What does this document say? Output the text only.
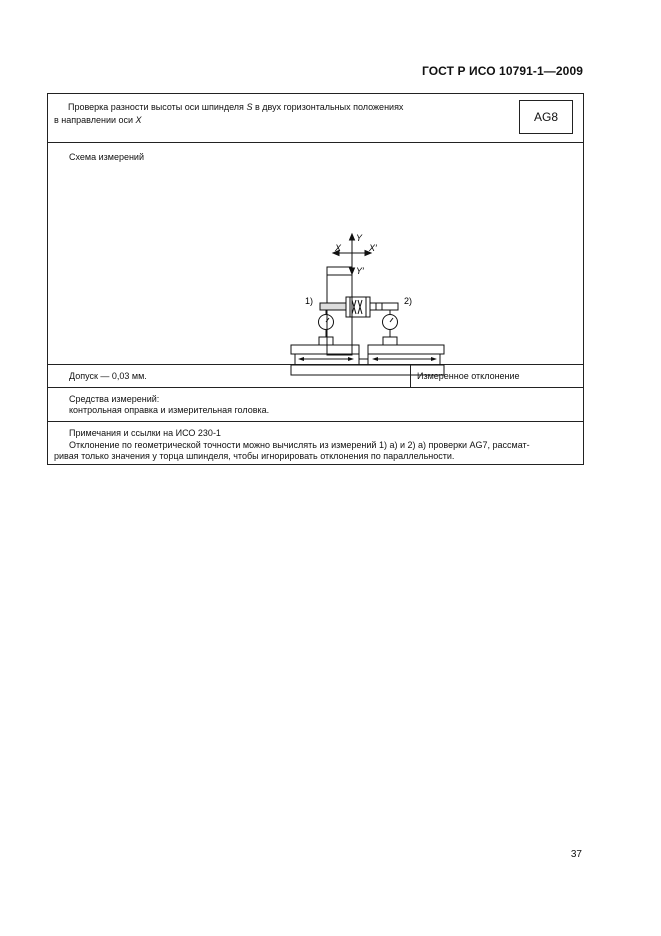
ГОСТ Р ИСО 10791-1—2009
Проверка разности высоты оси шпинделя S в двух горизонтальных положениях
в направлении оси X	AG8
Схема измерений
Y
X	X′
Y′
1)	2)
Допуск — 0,03 мм.	Измеренное отклонение
Средства измерений:
контрольная оправка и измерительная головка.
Примечания и ссылки на ИСО 230-1
Отклонение по геометрической точности можно вычислять из измерений 1) а) и 2) а) проверки AG7, рассмат-
ривая только значения у торца шпинделя, чтобы игнорировать отклонения по параллельности.
37
